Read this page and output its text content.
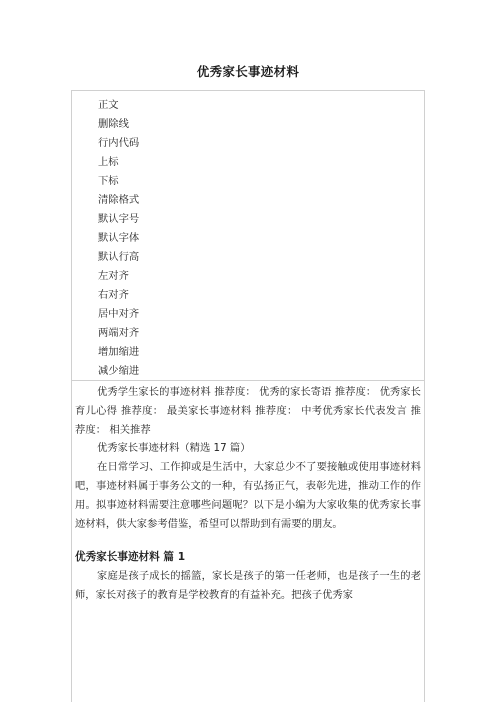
优秀家长事迹材料
正文
删除线
行内代码
上标
下标
清除格式
默认字号
默认字体
默认行高
左对齐
右对齐
居中对齐
两端对齐
增加缩进
减少缩进

优秀学生家长的事迹材料 推荐度： 优秀的家长寄语 推荐度： 优秀家长育儿心得 推荐度： 最美家长事迹材料 推荐度： 中考优秀家长代表发言 推荐度： 相关推荐

优秀家长事迹材料（精选 17 篇）

在日常学习、工作抑或是生活中，大家总少不了要接触或使用事迹材料吧，事迹材料属于事务公文的一种，有弘扬正气，表彰先进，推动工作的作用。拟事迹材料需要注意哪些问题呢？以下是小编为大家收集的优秀家长事迹材料，供大家参考借鉴，希望可以帮助到有需要的朋友。

优秀家长事迹材料 篇 1

家庭是孩子成长的摇篮，家长是孩子的第一任老师，也是孩子一生的老师，家长对孩子的教育是学校教育的有益补充。把孩子优秀家
